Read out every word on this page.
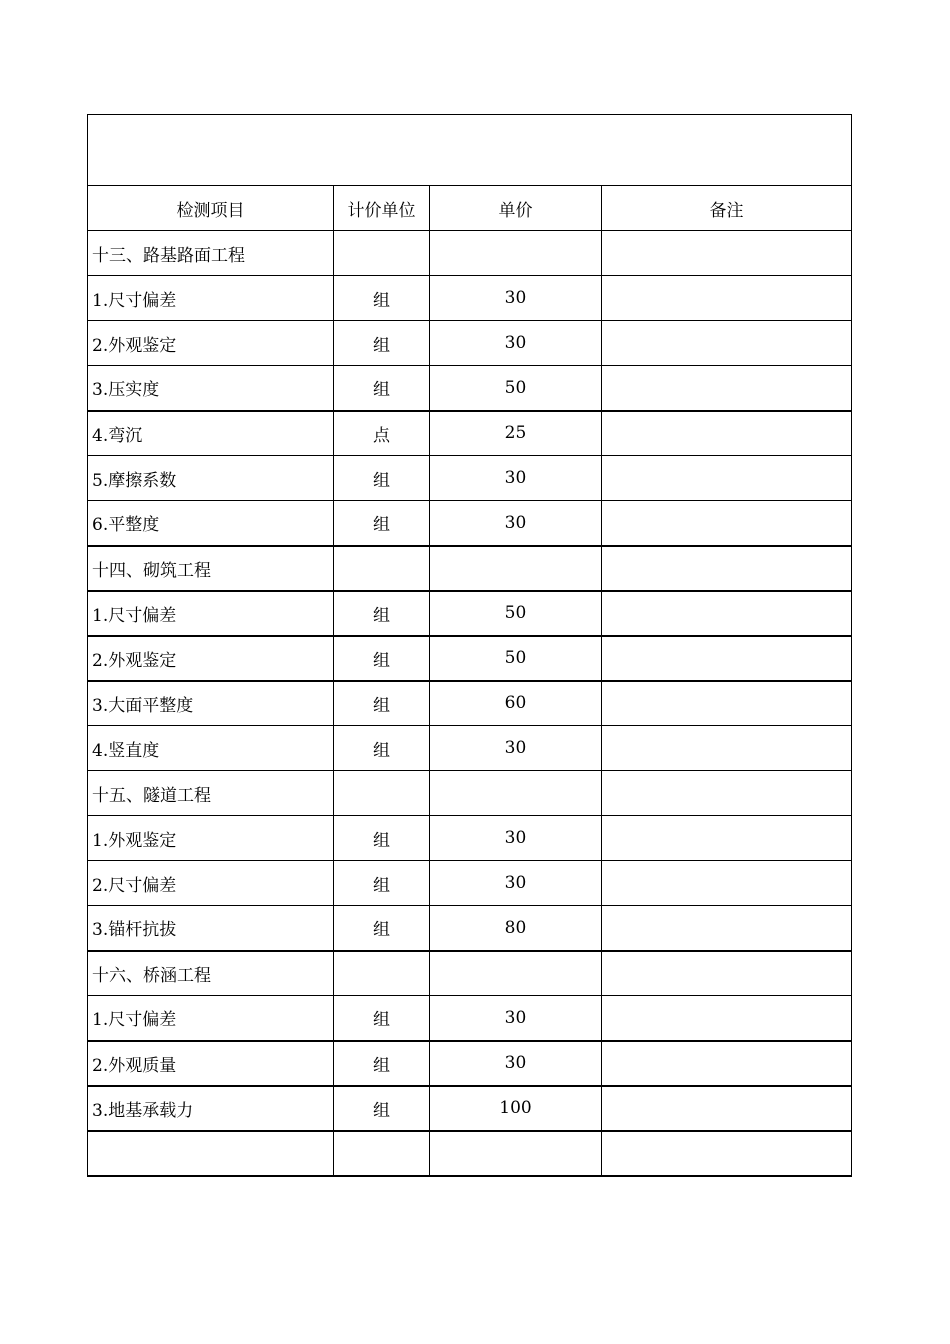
检测项目	计价单位	单价	备注
十三、路基路面工程			
1.尺寸偏差	组	30	
2.外观鉴定	组	30	
3.压实度	组	50	
4.弯沉	点	25	
5.摩擦系数	组	30	
6.平整度	组	30	
十四、砌筑工程			
1.尺寸偏差	组	50	
2.外观鉴定	组	50	
3.大面平整度	组	60	
4.竖直度	组	30	
十五、隧道工程			
1.外观鉴定	组	30	
2.尺寸偏差	组	30	
3.锚杆抗拔	组	80	
十六、桥涵工程			
1.尺寸偏差	组	30	
2.外观质量	组	30	
3.地基承载力	组	100	
